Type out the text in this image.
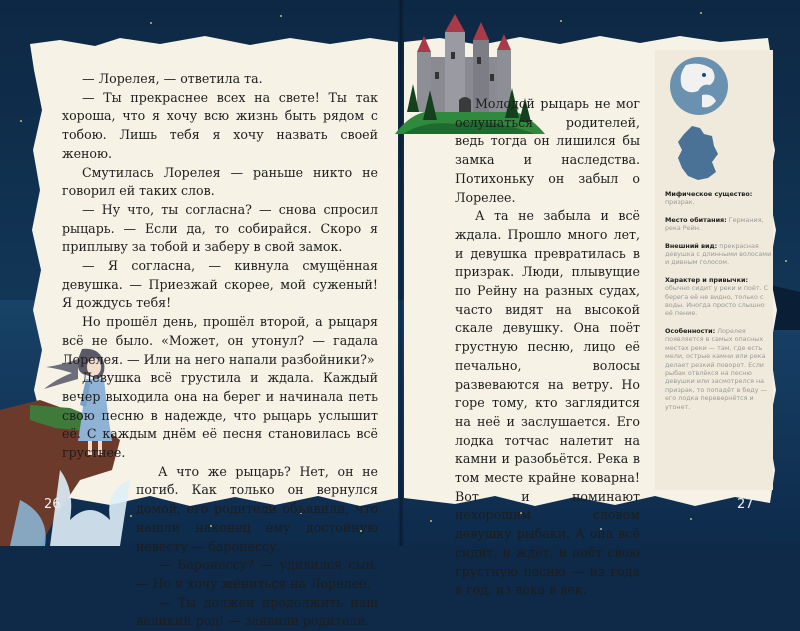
— Лорелея, — ответила та.

— Ты прекраснее всех на свете! Ты так хороша, что я хочу всю жизнь быть рядом с тобою. Лишь тебя я хочу назвать своей женою.

Смутилась Лорелея — раньше никто не говорил ей таких слов.

— Ну что, ты согласна? — снова спросил рыцарь. — Если да, то собирайся. Скоро я приплыву за тобой и заберу в свой замок.

— Я согласна, — кивнула смущённая девушка. — Приезжай скорее, мой суженый! Я дождусь тебя!

Но прошёл день, прошёл второй, а рыцаря всё не было. «Может, он утонул? — гадала Лорелея. — Или на него напали разбойники?»

Девушка всё грустила и ждала. Каждый вечер выходила она на берег и начинала петь свою песню в надежде, что рыцарь услышит её. С каждым днём её песня становилась всё грустнее.

А что же рыцарь? Нет, он не погиб. Как только он вернулся домой, его родители объявили, что нашли наконец ему достойную невесту — баронессу.

— Баронессу? — удивился сын. — Но я хочу жениться на Лорелее.

— Ты должен продолжить наш великий род! — заявили родители.

Молодой рыцарь не мог ослушаться родителей, ведь тогда он лишился бы замка и наследства. Потихоньку он забыл о Лорелее.

А та не забыла и всё ждала. Прошло много лет, и девушка превратилась в призрак. Люди, плывущие по Рейну на разных судах, часто видят на высокой скале девушку. Она поёт грустную песню, лицо её печально, волосы развеваются на ветру. Но горе тому, кто заглядится на неё и заслушается. Его лодка тотчас налетит на камни и разобьётся. Река в том месте крайне коварна! Вот и поминают нехорошим словом девушку рыбаки. А она всё сидит, и ждёт, и поёт свою грустную песню — из года в год, из века в век.

Мифическое существо: призрак.
Место обитания: Германия, река Рейн.
Внешний вид: прекрасная девушка с длинными волосами и дивным голосом.
Характер и привычки: обычно сидит у реки и поёт. С берега её не видно, только с воды. Иногда просто слышно её пение.
Особенности: Лорелея появляется в самых опасных местах реки — там, где есть мели, острые камни или река делает резкий поворот. Если рыбак отвлёкся на песню девушки или засмотрелся на призрак, то попадёт в беду — его лодка перевернётся и утонет.
26	27
